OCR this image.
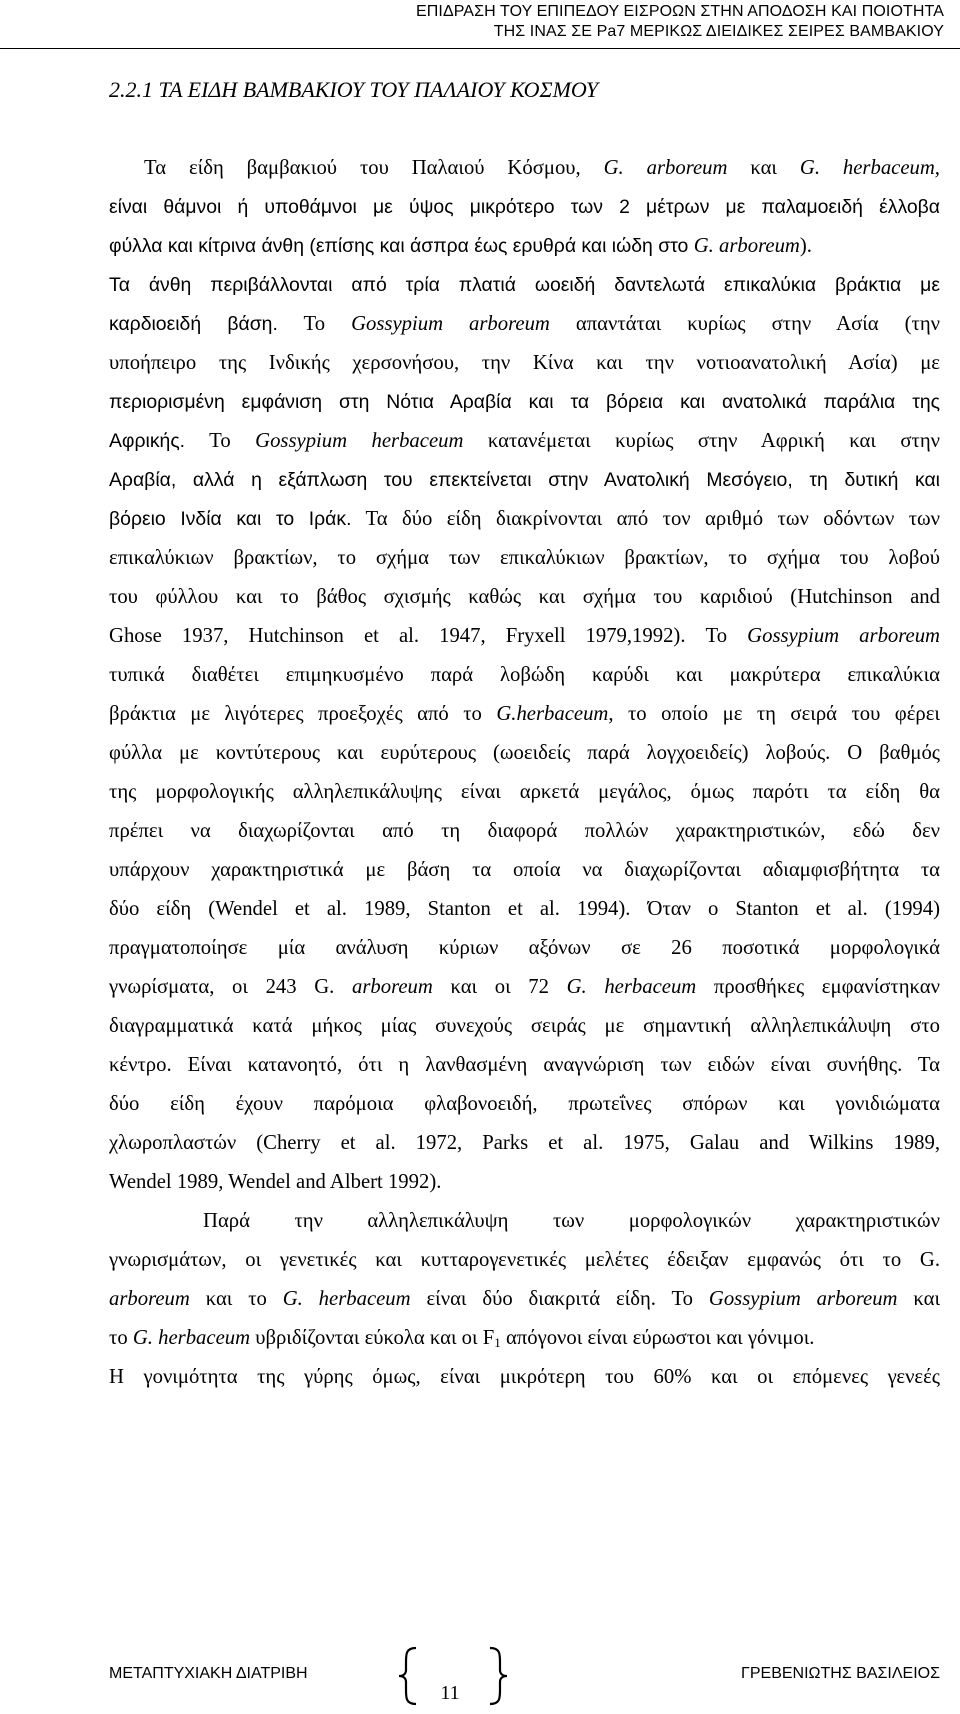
ΕΠΙΔΡΑΣΗ ΤΟΥ ΕΠΙΠΕΔΟΥ ΕΙΣΡΟΩΝ ΣΤΗΝ ΑΠΟΔΟΣΗ ΚΑΙ ΠΟΙΟΤΗΤΑ
ΤΗΣ ΙΝΑΣ ΣΕ Pa7 ΜΕΡΙΚΩΣ ΔΙΕΙΔΙΚΕΣ ΣΕΙΡΕΣ ΒΑΜΒΑΚΙΟΥ
2.2.1 ΤΑ ΕΙΔΗ ΒΑΜΒΑΚΙΟΥ ΤΟΥ ΠΑΛΑΙΟΥ ΚΟΣΜΟΥ
Τα είδη βαμβακιού του Παλαιού Κόσμου, G. arboreum και G. herbaceum,
είναι θάμνοι ή υποθάμνοι με ύψος μικρότερο των 2 μέτρων με παλαμοειδή έλλοβα
φύλλα και κίτρινα άνθη (επίσης και άσπρα έως ερυθρά και ιώδη στο G. arboreum).
Τα άνθη περιβάλλονται από τρία πλατιά ωοειδή δαντελωτά επικαλύκια βράκτια με
καρδιοειδή βάση. Το Gossypium arboreum απαντάται κυρίως στην Ασία (την
υποήπειρο της Ινδικής χερσονήσου, την Κίνα και την νοτιοανατολική Ασία) με
περιορισμένη εμφάνιση στη Νότια Αραβία και τα βόρεια και ανατολικά παράλια της
Αφρικής. Το Gossypium herbaceum κατανέμεται κυρίως στην Αφρική και στην
Αραβία, αλλά η εξάπλωση του επεκτείνεται στην Ανατολική Μεσόγειο, τη δυτική και
βόρειο Ινδία και το Ιράκ. Τα δύο είδη διακρίνονται από τον αριθμό των οδόντων των
επικαλύκιων βρακτίων, το σχήμα των επικαλύκιων βρακτίων, το σχήμα του λοβού
του φύλλου και το βάθος σχισμής καθώς και σχήμα του καριδιού (Hutchinson and
Ghose 1937, Hutchinson et al. 1947, Fryxell 1979,1992). Το Gossypium arboreum
τυπικά διαθέτει επιμηκυσμένο παρά λοβώδη καρύδι και μακρύτερα επικαλύκια
βράκτια με λιγότερες προεξοχές από το G.herbaceum, το οποίο με τη σειρά του φέρει
φύλλα με κοντύτερους και ευρύτερους (ωοειδείς παρά λογχοειδείς) λοβούς. Ο βαθμός
της μορφολογικής αλληλεπικάλυψης είναι αρκετά μεγάλος, όμως παρότι τα είδη θα
πρέπει να διαχωρίζονται από τη διαφορά πολλών χαρακτηριστικών, εδώ δεν
υπάρχουν χαρακτηριστικά με βάση τα οποία να διαχωρίζονται αδιαμφισβήτητα τα
δύο είδη (Wendel et al. 1989, Stanton et al. 1994). Όταν ο Stanton et al. (1994)
πραγματοποίησε μία ανάλυση κύριων αξόνων σε 26 ποσοτικά μορφολογικά
γνωρίσματα, οι 243 G. arboreum και οι 72 G. herbaceum προσθήκες εμφανίστηκαν
διαγραμματικά κατά μήκος μίας συνεχούς σειράς με σημαντική αλληλεπικάλυψη στο
κέντρο. Είναι κατανοητό, ότι η λανθασμένη αναγνώριση των ειδών είναι συνήθης. Τα
δύο είδη έχουν παρόμοια φλαβονοειδή, πρωτεΐνες σπόρων και γονιδιώματα
χλωροπλαστών (Cherry et al. 1972, Parks et al. 1975, Galau and Wilkins 1989,
Wendel 1989, Wendel and Albert 1992).
Παρά την αλληλεπικάλυψη των μορφολογικών χαρακτηριστικών
γνωρισμάτων, οι γενετικές και κυτταρογενετικές μελέτες έδειξαν εμφανώς ότι το G.
arboreum και το G. herbaceum είναι δύο διακριτά είδη. Το Gossypium arboreum και
το G. herbaceum υβριδίζονται εύκολα και οι $F_1$ απόγονοι είναι εύρωστοι και γόνιμοι.
Η γονιμότητα της γύρης όμως, είναι μικρότερη του 60% και οι επόμενες γενεές
ΜΕΤΑΠΤΥΧΙΑΚΗ ΔΙΑΤΡΙΒΗ
11
ΓΡΕΒΕΝΙΩΤΗΣ ΒΑΣΙΛΕΙΟΣ
